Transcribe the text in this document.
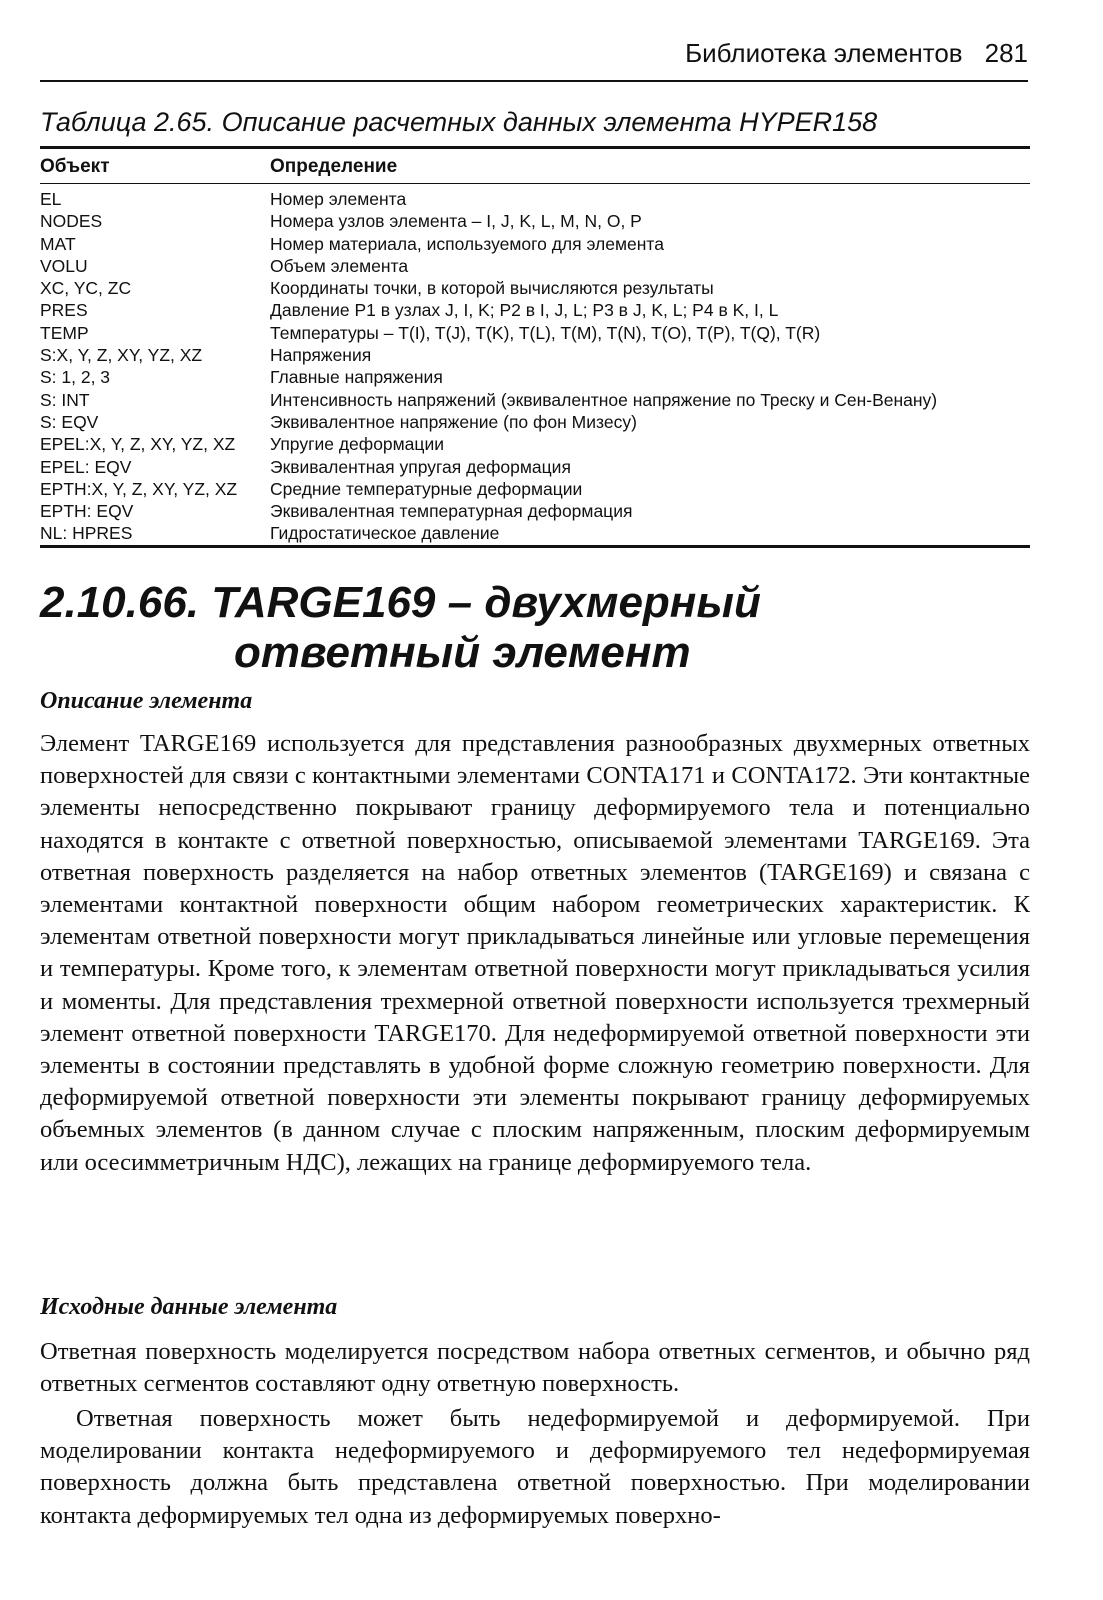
Библиотека элементов 281
Таблица 2.65. Описание расчетных данных элемента HYPER158
Объект	Определение
EL	Номер элемента
NODES	Номера узлов элемента – I, J, K, L, M, N, O, P
MAT	Номер материала, используемого для элемента
VOLU	Объем элемента
XC, YC, ZC	Координаты точки, в которой вычисляются результаты
PRES	Давление P1 в узлах J, I, K; P2 в I, J, L; P3 в J, K, L; P4 в K, I, L
TEMP	Температуры – T(I), T(J), T(K), T(L), T(M), T(N), T(O), T(P), T(Q), T(R)
S:X, Y, Z, XY, YZ, XZ	Напряжения
S: 1, 2, 3	Главные напряжения
S: INT	Интенсивность напряжений (эквивалентное напряжение по Треску и Сен-Венану)
S: EQV	Эквивалентное напряжение (по фон Мизесу)
EPEL:X, Y, Z, XY, YZ, XZ	Упругие деформации
EPEL: EQV	Эквивалентная упругая деформация
EPTH:X, Y, Z, XY, YZ, XZ	Средние температурные деформации
EPTH: EQV	Эквивалентная температурная деформация
NL: HPRES	Гидростатическое давление
2.10.66. TARGE169 – двухмерный
ответный элемент
Описание элемента

Элемент TARGE169 используется для представления разнообразных двухмерных ответных поверхностей для связи с контактными элементами CONTA171 и CONTA172. Эти контактные элементы непосредственно покрывают границу деформируемого тела и потенциально находятся в контакте с ответной поверхностью, описываемой элементами TARGE169. Эта ответная поверхность разделяется на набор ответных элементов (TARGE169) и связана с элементами контактной поверхности общим набором геометрических характеристик. К элементам ответной поверхности могут прикладываться линейные или угловые перемещения и температуры. Кроме того, к элементам ответной поверхности могут прикладываться усилия и моменты. Для представления трехмерной ответной поверхности используется трехмерный элемент ответной поверхности TARGE170. Для недеформируемой ответной поверхности эти элементы в состоянии представлять в удобной форме сложную геометрию поверхности. Для деформируемой ответной поверхности эти элементы покрывают границу деформируемых объемных элементов (в данном случае с плоским напряженным, плоским деформируемым или осесимметричным НДС), лежащих на границе деформируемого тела.

Исходные данные элемента

Ответная поверхность моделируется посредством набора ответных сегментов, и обычно ряд ответных сегментов составляют одну ответную поверхность.

Ответная поверхность может быть недеформируемой и деформируемой. При моделировании контакта недеформируемого и деформируемого тел недеформируемая поверхность должна быть представлена ответной поверхностью. При моделировании контакта деформируемых тел одна из деформируемых поверхно-
